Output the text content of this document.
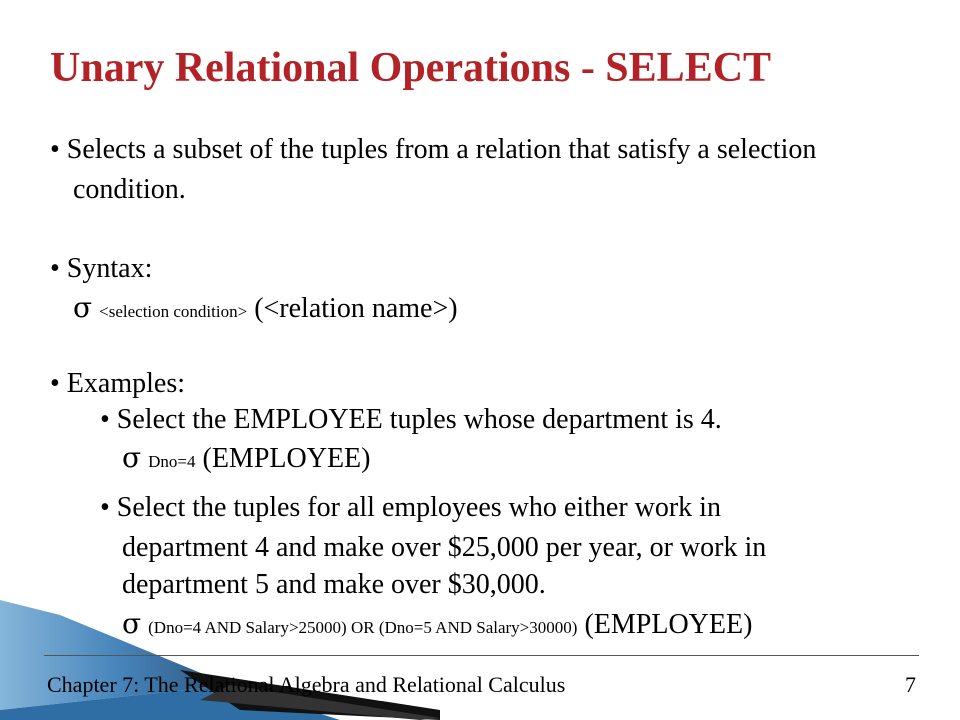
Unary Relational Operations - SELECT
• Selects a subset of the tuples from a relation that satisfy a selection
condition.
• Syntax:
σ <selection condition> (<relation name>)
• Examples:
• Select the EMPLOYEE tuples whose department is 4.
σ Dno=4 (EMPLOYEE)
• Select the tuples for all employees who either work in
department 4 and make over $25,000 per year, or work in
department 5 and make over $30,000.
σ (Dno=4 AND Salary>25000) OR (Dno=5 AND Salary>30000) (EMPLOYEE)
Chapter 7: The Relational Algebra and Relational Calculus	7
